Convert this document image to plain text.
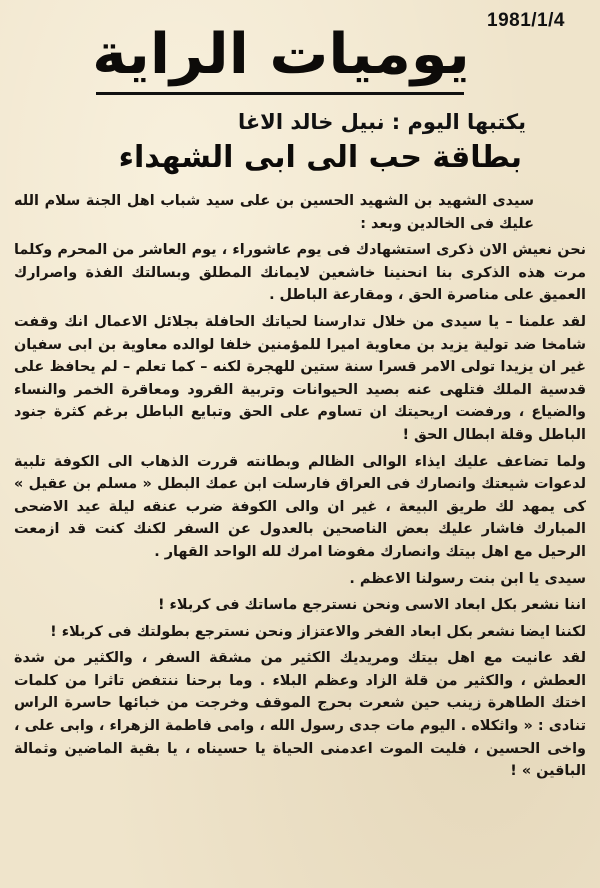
1981/1/4
يوميات الراية
يكتبها اليوم : نبيل خالد الاغا
بطاقة حب الى ابى الشهداء

سيدى الشهيد بن الشهيد الحسين بن على سيد شباب اهل الجنة سلام الله عليك فى الخالدين وبعد :

نحن نعيش الان ذكرى استشهادك فى يوم عاشوراء ، يوم العاشر من المحرم وكلما مرت هذه الذكرى بنا انحنينا خاشعين لايمانك المطلق وبسالتك الفذة واصرارك العميق على مناصرة الحق ، ومقارعة الباطل .

لقد علمنا – يا سيدى من خلال تدارسنا لحياتك الحافلة بجلائل الاعمال انك وقفت شامخا ضد تولية يزيد بن معاوية اميرا للمؤمنين خلفا لوالده معاوية بن ابى سفيان غير ان يزيدا تولى الامر قسرا سنة ستين للهجرة لكنه – كما تعلم – لم يحافظ على قدسية الملك فتلهى عنه بصيد الحيوانات وتربية القرود ومعاقرة الخمر والنساء والضياع ، ورفضت اريحيتك ان تساوم على الحق وتبايع الباطل برغم كثرة جنود الباطل وقلة ابطال الحق !

ولما تضاعف عليك ايذاء الوالى الظالم وبطانته قررت الذهاب الى الكوفة تلبية لدعوات شيعتك وانصارك فى العراق فارسلت ابن عمك البطل « مسلم بن عقيل » كى يمهد لك طريق البيعة ، غير ان والى الكوفة ضرب عنقه ليلة عيد الاضحى المبارك فاشار عليك بعض الناصحين بالعدول عن السفر لكنك كنت قد ازمعت الرحيل مع اهل بيتك وانصارك مفوضا امرك لله الواحد القهار .

سيدى يا ابن بنت رسولنا الاعظم .

اننا نشعر بكل ابعاد الاسى ونحن نسترجع ماساتك فى كربلاء !

لكننا ايضا نشعر بكل ابعاد الفخر والاعتزاز ونحن نسترجع بطولتك فى كربلاء !

لقد عانيت مع اهل بيتك ومريديك الكثير من مشقة السفر ، والكثير من شدة العطش ، والكثير من قلة الزاد وعظم البلاء . وما برحنا ننتفض تاثرا من كلمات اختك الطاهرة زينب حين شعرت بحرج الموقف وخرجت من خبائها حاسرة الراس تنادى : « واثكلاه . اليوم مات جدى رسول الله ، وامى فاطمة الزهراء ، وابى على ، واخى الحسين ، فليت الموت اعدمنى الحياة يا حسيناه ، يا بقية الماضين وثمالة الباقين » !
